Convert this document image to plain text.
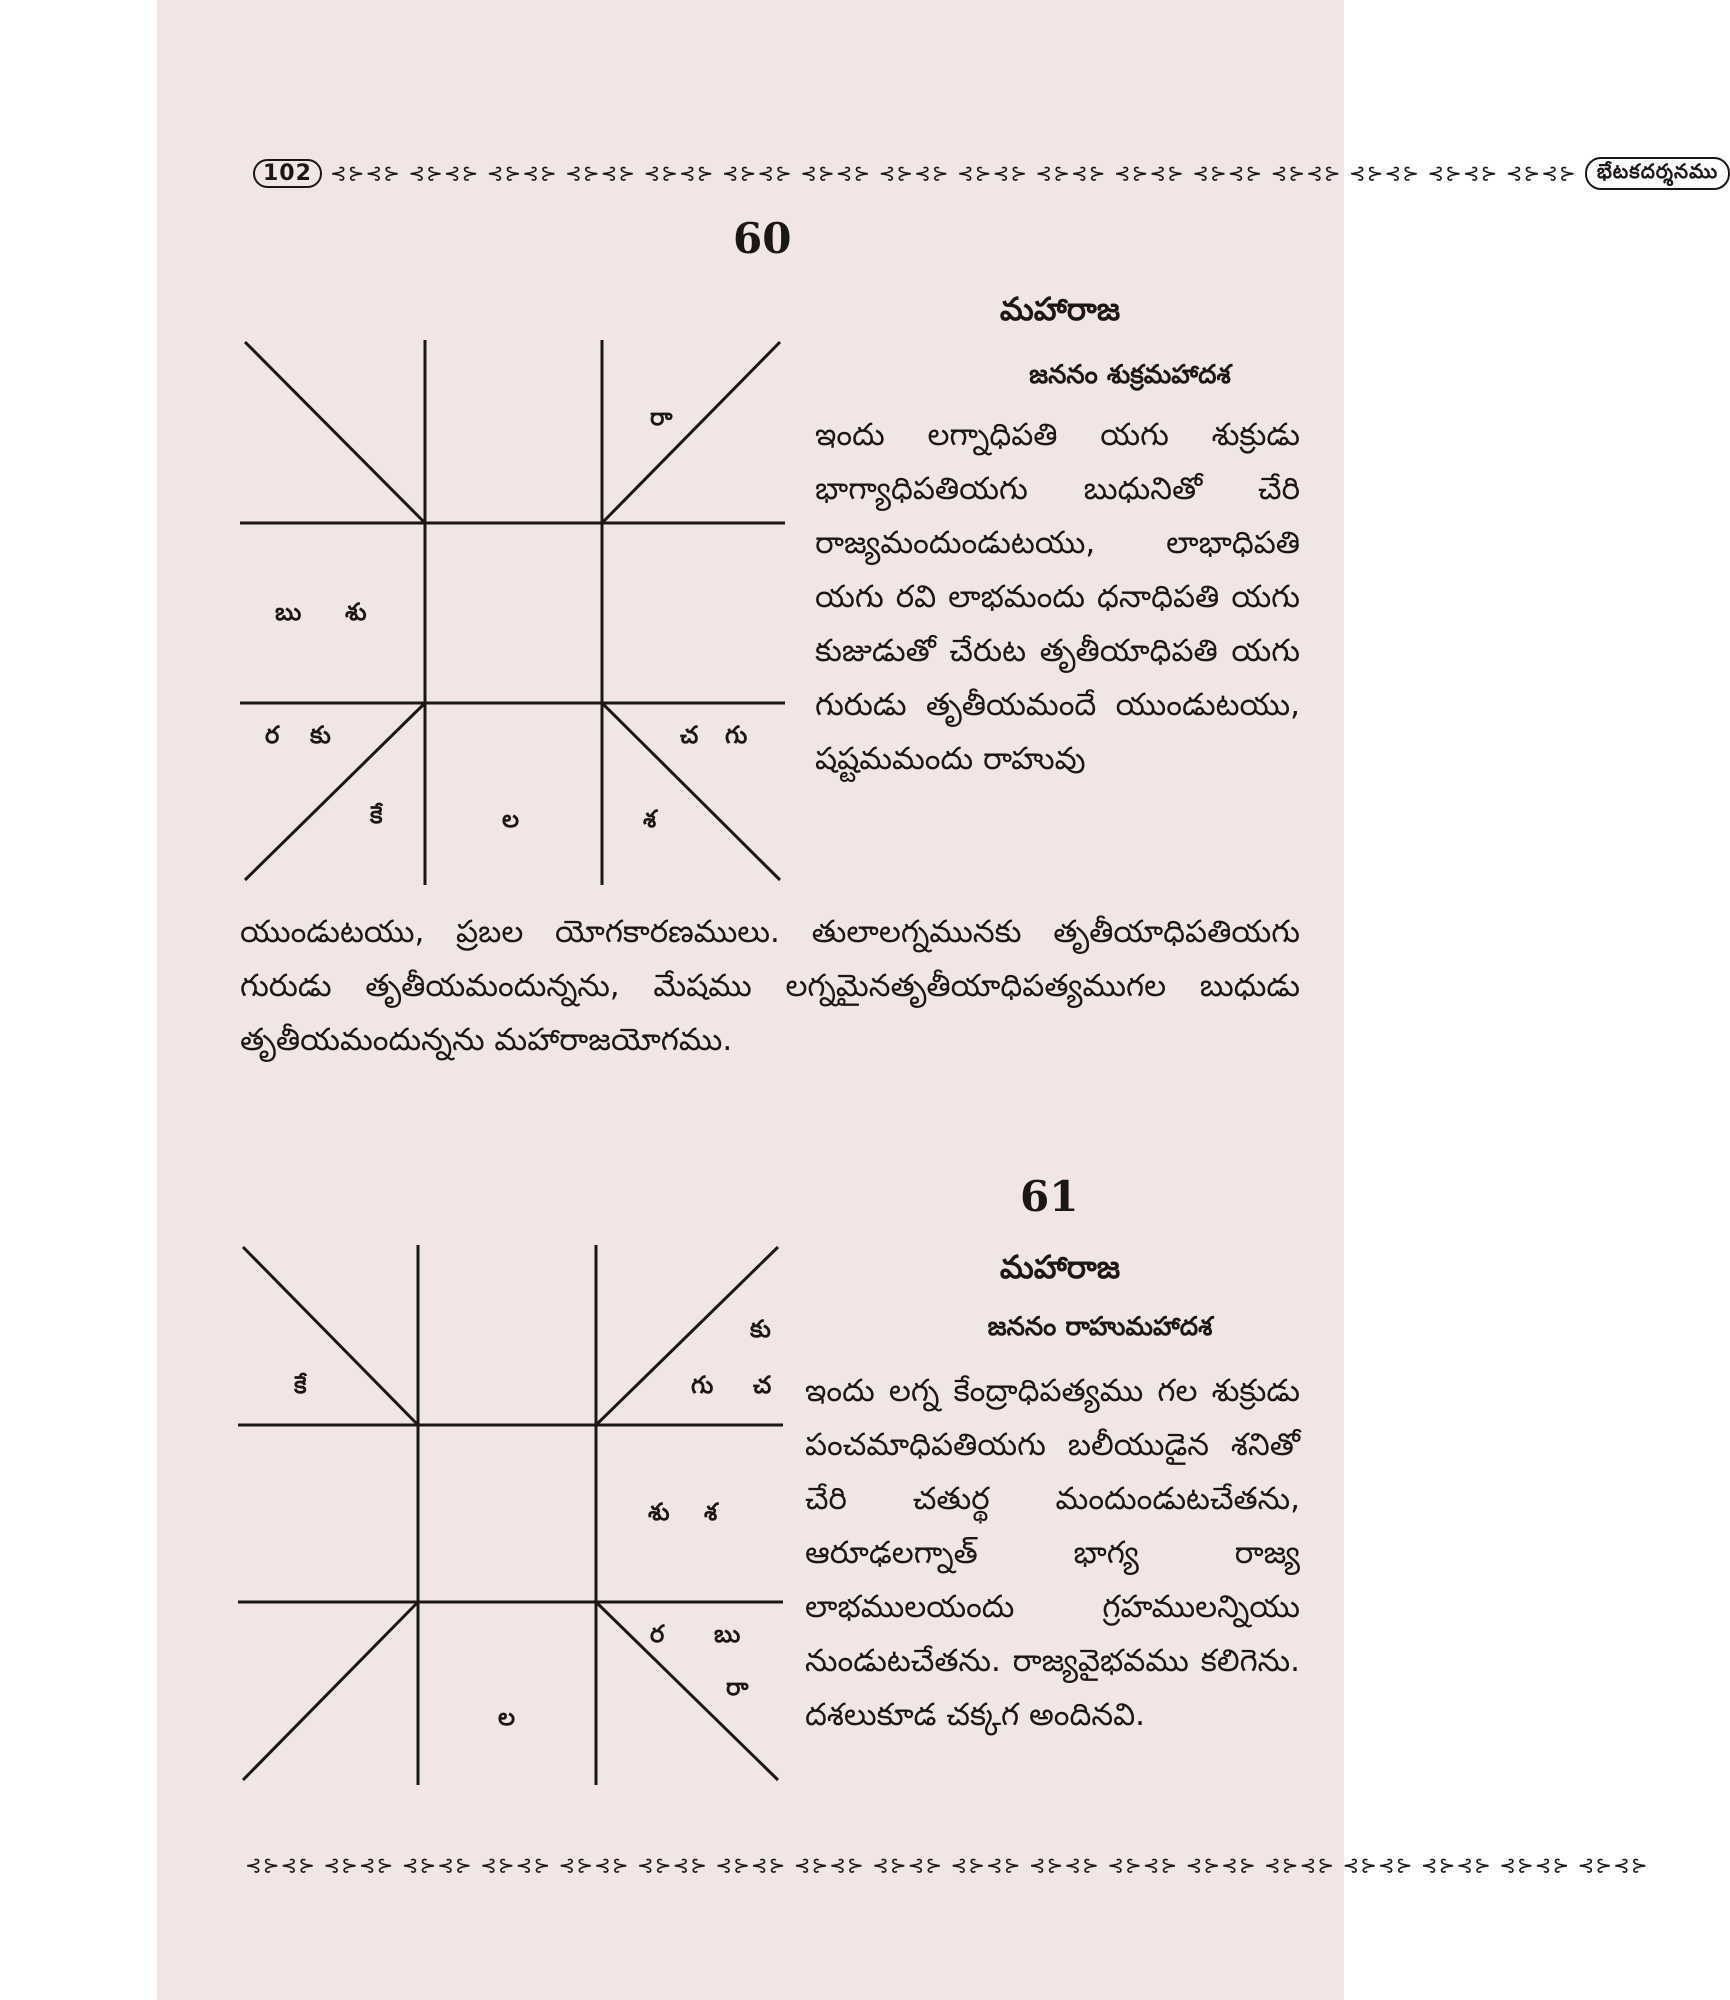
102 ⊰⊱⊰⊱ ⊰⊱⊰⊱ ⊰⊱⊰⊱ ⊰⊱⊰⊱ ⊰⊱⊰⊱ ⊰⊱⊰⊱ ⊰⊱⊰⊱ ⊰⊱⊰⊱ ⊰⊱⊰⊱ ⊰⊱⊰⊱ ⊰⊱⊰⊱ ⊰⊱⊰⊱ ⊰⊱⊰⊱ ⊰⊱⊰⊱ ⊰⊱⊰⊱ ⊰⊱⊰⊱	భేటకదర్శనము
60
మహారాజ
జననం శుక్రమహాదశ
రా
బు శు
ర కు	చ గు
కే	ల	శ

ఇందు లగ్నాధిపతి యగు శుక్రుడు భాగ్యాధిపతియగు బుధునితో చేరి రాజ్యమందుండుటయు, లాభాధిపతి యగు రవి లాభమందు ధనాధిపతి యగు కుజుడుతో చేరుట తృతీయాధిపతి యగు గురుడు తృతీయమందే యుండుటయు, షష్టమమందు రాహువు

యుండుటయు, ప్రబల యోగకారణములు. తులాలగ్నమునకు తృతీయాధిపతియగు గురుడు తృతీయమందున్నను, మేషము లగ్నమైనతృతీయాధిపత్యముగల బుధుడు తృతీయమందున్నను మహారాజయోగము.

61
మహారాజ
జననం రాహుమహాదశ
కు
కే	గు చ
శు శ
ర బు
రా
ల

ఇందు లగ్న కేంద్రాధిపత్యము గల శుక్రుడు పంచమాధిపతియగు బలీయుడైన శనితో చేరి చతుర్థ మందుండుటచేతను, ఆరూఢలగ్నాత్ భాగ్య రాజ్య లాభములయందు గ్రహములన్నియు నుండుటచేతను. రాజ్యవైభవము కలిగెను. దశలుకూడ చక్కగ అందినవి.

⊰⊱⊰⊱ ⊰⊱⊰⊱ ⊰⊱⊰⊱ ⊰⊱⊰⊱ ⊰⊱⊰⊱ ⊰⊱⊰⊱ ⊰⊱⊰⊱ ⊰⊱⊰⊱ ⊰⊱⊰⊱ ⊰⊱⊰⊱ ⊰⊱⊰⊱ ⊰⊱⊰⊱ ⊰⊱⊰⊱ ⊰⊱⊰⊱ ⊰⊱⊰⊱ ⊰⊱⊰⊱ ⊰⊱⊰⊱ ⊰⊱⊰⊱
